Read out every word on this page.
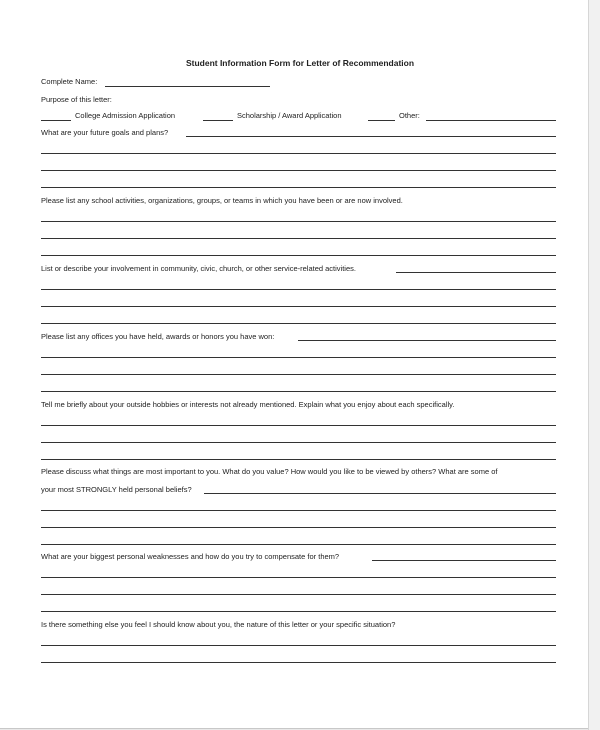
Student Information Form for Letter of Recommendation
Complete Name:
Purpose of this letter:
College Admission Application	Scholarship / Award Application	Other:
What are your future goals and plans?
Please list any school activities, organizations, groups, or teams in which you have been or are now involved.
List or describe your involvement in community, civic, church, or other service-related activities.
Please list any offices you have held, awards or honors you have won:
Tell me briefly about your outside hobbies or interests not already mentioned. Explain what you enjoy about each specifically.
Please discuss what things are most important to you. What do you value? How would you like to be viewed by others? What are some of
your most STRONGLY held personal beliefs?
What are your biggest personal weaknesses and how do you try to compensate for them?
Is there something else you feel I should know about you, the nature of this letter or your specific situation?
